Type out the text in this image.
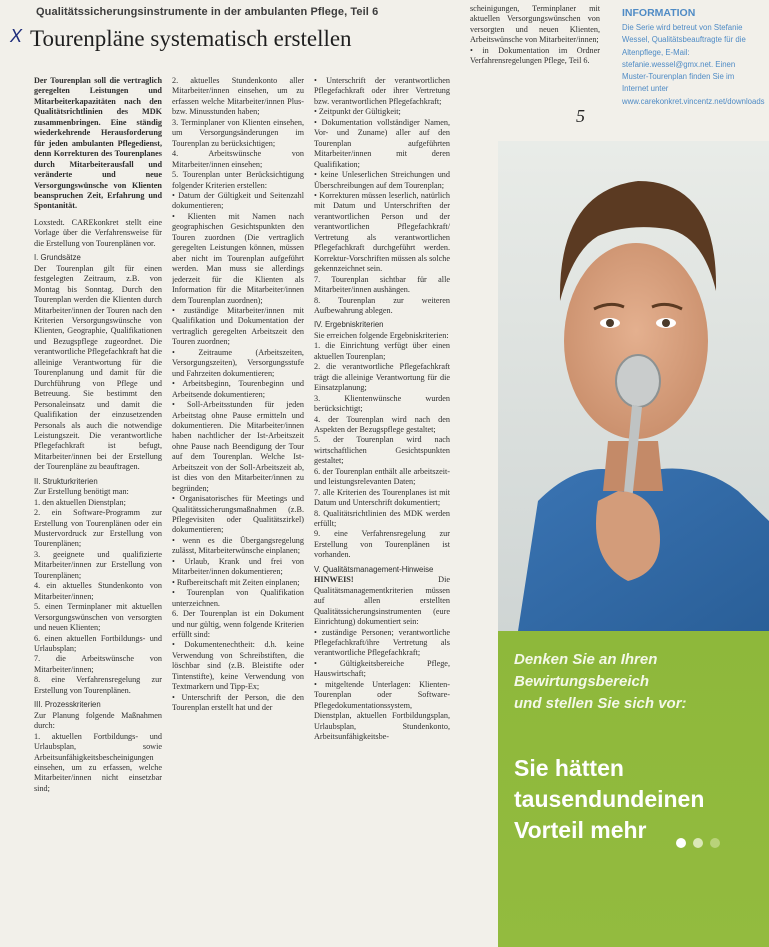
Qualitätssicherungsinstrumente in der ambulanten Pflege, Teil 6
X Tourenpläne systematisch erstellen

Der Tourenplan soll die vertraglich geregelten Leistungen und Mitarbeiterkapazitäten nach den Qualitätsrichtlinien des MDK zusammenbringen. Eine ständig wiederkehrende Herausforderung für jeden ambulanten Pflegedienst, denn Korrekturen des Tourenplanes durch Mitarbeiterausfall und veränderte und neue Versorgungswünsche von Klienten beanspruchen Zeit, Erfahrung und Spontanität.

Loxstedt. CAREkonkret stellt eine Vorlage über die Verfahrensweise für die Erstellung von Tourenplänen vor.

I. Grundsätze

Der Tourenplan gilt für einen festgelegten Zeitraum, z.B. von Montag bis Sonntag. Durch den Tourenplan werden die Klienten durch Mitarbeiter/innen der Touren nach den Kriterien Versorgungswünsche von Klienten, Geographie, Qualifikationen und Bezugspflege zugeordnet. Die verantwortliche Pflegefachkraft hat die alleinige Verantwortung für die Tourenplanung und damit für die Durchführung von Pflege und Betreuung. Sie bestimmt den Personaleinsatz und damit die Qualifikation der einzusetzenden Personals als auch die notwendige Leistungszeit. Die verantwortliche Pflegefachkraft ist befugt, Mitarbeiter/innen bei der Erstellung der Tourenpläne zu beauftragen.

II. Strukturkriterien

Zur Erstellung benötigt man:

1. den aktuellen Dienstplan;

2. ein Software-Programm zur Erstellung von Tourenplänen oder ein Mustervordruck zur Erstellung von Tourenplänen;

3. geeignete und qualifizierte Mitarbeiter/innen zur Erstellung von Tourenplänen;

4. ein aktuelles Stundenkonto von Mitarbeiter/innen;

5. einen Terminplaner mit aktuellen Versorgungswünschen von versorgten und neuen Klienten;

6. einen aktuellen Fortbildungs- und Urlaubsplan;

7. die Arbeitswünsche von Mitarbeiter/innen;

8. eine Verfahrensregelung zur Erstellung von Tourenplänen.

III. Prozesskriterien

Zur Planung folgende Maßnahmen durch:

1. aktuellen Fortbildungs- und Urlaubsplan, sowie Arbeitsunfähigkeitsbescheinigungen einsehen, um zu erfassen, welche Mitarbeiter/innen nicht einsetzbar sind;

2. aktuelles Stundenkonto aller Mitarbeiter/innen einsehen, um zu erfassen welche Mitarbeiter/innen Plus- bzw. Minusstunden haben;

3. Terminplaner von Klienten einsehen, um Versorgungsänderungen im Tourenplan zu berücksichtigen;

4. Arbeitswünsche von Mitarbeiter/innen einsehen;

5. Tourenplan unter Berücksichtigung folgender Kriterien erstellen:

• Datum der Gültigkeit und Seitenzahl dokumentieren;

• Klienten mit Namen nach geographischen Gesichtspunkten den Touren zuordnen (Die vertraglich geregelten Leistungen können, müssen aber nicht im Tourenplan aufgeführt werden. Man muss sie allerdings jederzeit für die Klienten als Information für die Mitarbeiter/innen dem Tourenplan zuordnen);

• zuständige Mitarbeiter/innen mit Qualifikation und Dokumentation der vertraglich geregelten Arbeitszeit den Touren zuordnen;

• Zeitraume (Arbeitszeiten, Versorgungszeiten), Versorgungsstufe und Fahrzeiten dokumentieren;

• Arbeitsbeginn, Tourenbeginn und Arbeitsende dokumentieren;

• Soll-Arbeitsstunden für jeden Arbeitstag ohne Pause ermitteln und dokumentieren. Die Mitarbeiter/innen haben nachtlicher der Ist-Arbeitszeit ohne Pause nach Beendigung der Tour auf dem Tourenplan. Welche Ist-Arbeitszeit von der Soll-Arbeitszeit ab, ist dies von den Mitarbeiter/innen zu begründen;

• Organisatorisches für Meetings und Qualitätssicherungsmaßnahmen (z.B. Pflegevisiten oder Qualitätszirkel) dokumentieren;

• wenn es die Übergangsregelung zulässt, Mitarbeiterwünsche einplanen;

• Urlaub, Krank und frei von Mitarbeiter/innen dokumentieren;

• Rufbereitschaft mit Zeiten einplanen;

• Tourenplan von Qualifikation unterzeichnen.

6. Der Tourenplan ist ein Dokument und nur gültig, wenn folgende Kriterien erfüllt sind:

• Dokumentenechtheit: d.h. keine Verwendung von Schreibstiften, die löschbar sind (z.B. Bleistifte oder Tintenstifte), keine Verwendung von Textmarkern und Tipp-Ex;

• Unterschrift der Person, die den Tourenplan erstellt hat und der

• Unterschrift der verantwortlichen Pflegefachkraft oder ihrer Vertretung bzw. verantwortlichen Pflegefachkraft;

• Zeitpunkt der Gültigkeit;

• Dokumentation vollständiger Namen, Vor- und Zuname) aller auf den Tourenplan aufgeführten Mitarbeiter/innen mit deren Qualifikation;

• keine Unleserlichen Streichungen und Überschreibungen auf dem Tourenplan;

• Korrekturen müssen leserlich, natürlich mit Datum und Unterschriften der verantwortlichen Person und der verantwortlichen Pflegefachkraft/ Vertretung als verantwortlichen Pflegefachkraft durchgeführt werden. Korrektur-Vorschriften müssen als solche gekennzeichnet sein.

7. Tourenplan sichtbar für alle Mitarbeiter/innen aushängen.

8. Tourenplan zur weiteren Aufbewahrung ablegen.

IV. Ergebniskriterien

Sie erreichen folgende Ergebniskriterien:

1. die Einrichtung verfügt über einen aktuellen Tourenplan;

2. die verantwortliche Pflegefachkraft trägt die alleinige Verantwortung für die Einsatzplanung;

3. Klientenwünsche wurden berücksichtigt;

4. der Tourenplan wird nach den Aspekten der Bezugspflege gestaltet;

5. der Tourenplan wird nach wirtschaftlichen Gesichtspunkten gestaltet;

6. der Tourenplan enthält alle arbeitszeit- und leistungsrelevanten Daten;

7. alle Kriterien des Tourenplanes ist mit Datum und Unterschrift dokumentiert;

8. Qualitätsrichtlinien des MDK werden erfüllt;

9. eine Verfahrensregelung zur Erstellung von Tourenplänen ist vorhanden.

V. Qualitätsmanagement-Hinweise

HINWEIS!	Die Qualitätsmanagementkriterien müssen auf allen erstellten Qualitätssicherungsinstrumenten (eure Einrichtung) dokumentiert sein:

• zuständige Personen; verantwortliche Pflegefachkraft/ihre Vertretung als verantwortliche Pflegefachkraft;

• Gültigkeitsbereiche Pflege, Hauswirtschaft;

• mitgeltende Unterlagen: Klienten-Tourenplan oder Software-Pflegedokumentationssystem, Dienstplan, aktuellen Fortbildungsplan, Urlaubsplan, Stundenkonto, Arbeitsunfähigkeitsbe-

scheinigungen, Terminplaner mit aktuellen Versorgungswünschen von versorgten und neuen Klienten, Arbeitswünsche von Mitarbeiter/innen;

• in Dokumentation im Ordner Verfahrensregelungen Pflege, Teil 6.

5
INFORMATION
Die Serie wird betreut von Stefanie Wessel, Qualitätsbeauftragte für die Altenpflege, E-Mail: stefanie.wessel@gmx.net. Einen Muster-Tourenplan finden Sie im Internet unter www.carekonkret.vincentz.net/downloads
Denken Sie an Ihren
Bewirtungsbereich
und stellen Sie sich vor:
Sie hätten
tausendundeinen
Vorteil mehr
